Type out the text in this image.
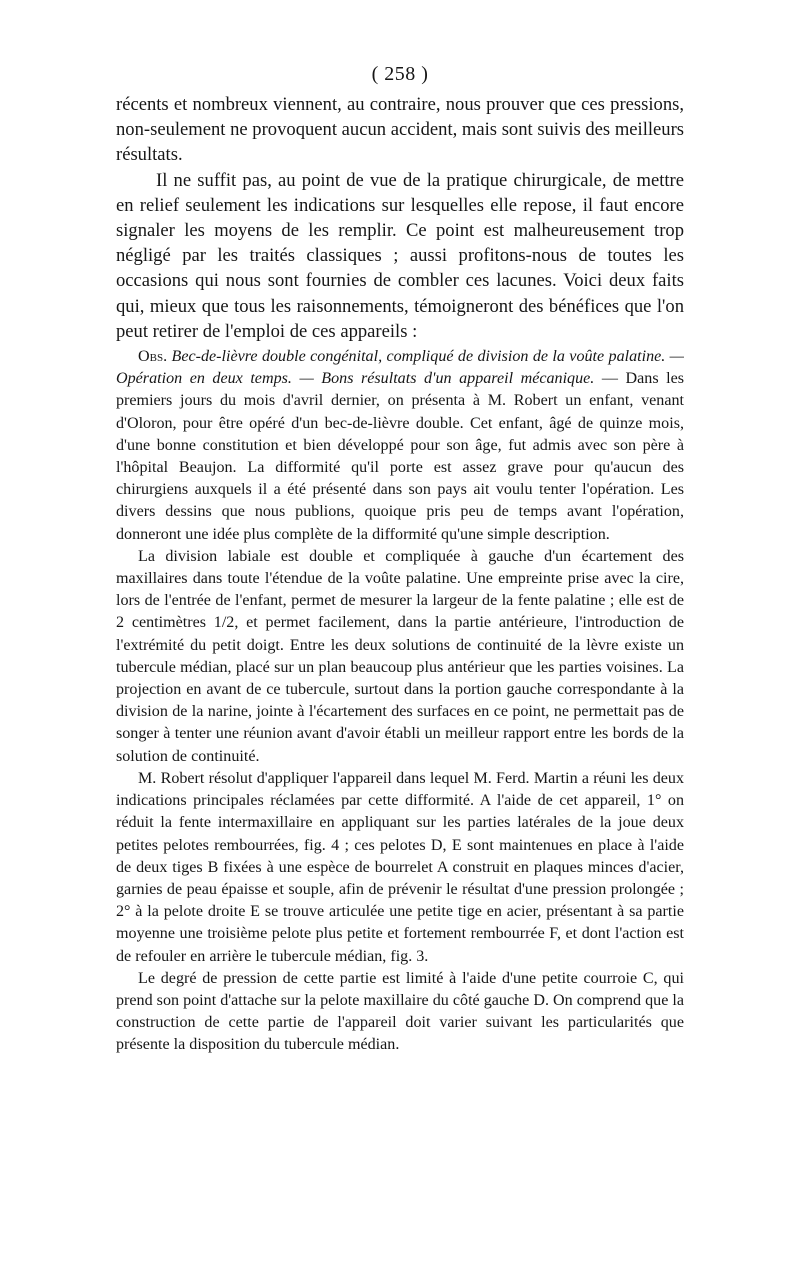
( 258 )

récents et nombreux viennent, au contraire, nous prouver que ces pressions, non-seulement ne provoquent aucun accident, mais sont suivis des meilleurs résultats.

Il ne suffit pas, au point de vue de la pratique chirurgicale, de mettre en relief seulement les indications sur lesquelles elle repose, il faut encore signaler les moyens de les remplir. Ce point est malheureusement trop négligé par les traités classiques ; aussi profitons-nous de toutes les occasions qui nous sont fournies de combler ces lacunes. Voici deux faits qui, mieux que tous les raisonnements, témoigneront des bénéfices que l'on peut retirer de l'emploi de ces appareils :

Obs. Bec-de-lièvre double congénital, compliqué de division de la voûte palatine. — Opération en deux temps. — Bons résultats d'un appareil mécanique. — Dans les premiers jours du mois d'avril dernier, on présenta à M. Robert un enfant, venant d'Oloron, pour être opéré d'un bec-de-lièvre double. Cet enfant, âgé de quinze mois, d'une bonne constitution et bien développé pour son âge, fut admis avec son père à l'hôpital Beaujon. La difformité qu'il porte est assez grave pour qu'aucun des chirurgiens auxquels il a été présenté dans son pays ait voulu tenter l'opération. Les divers dessins que nous publions, quoique pris peu de temps avant l'opération, donneront une idée plus complète de la difformité qu'une simple description.

La division labiale est double et compliquée à gauche d'un écartement des maxillaires dans toute l'étendue de la voûte palatine. Une empreinte prise avec la cire, lors de l'entrée de l'enfant, permet de mesurer la largeur de la fente palatine ; elle est de 2 centimètres 1/2, et permet facilement, dans la partie antérieure, l'introduction de l'extrémité du petit doigt. Entre les deux solutions de continuité de la lèvre existe un tubercule médian, placé sur un plan beaucoup plus antérieur que les parties voisines. La projection en avant de ce tubercule, surtout dans la portion gauche correspondante à la division de la narine, jointe à l'écartement des surfaces en ce point, ne permettait pas de songer à tenter une réunion avant d'avoir établi un meilleur rapport entre les bords de la solution de continuité.

M. Robert résolut d'appliquer l'appareil dans lequel M. Ferd. Martin a réuni les deux indications principales réclamées par cette difformité. A l'aide de cet appareil, 1° on réduit la fente intermaxillaire en appliquant sur les parties latérales de la joue deux petites pelotes rembourrées, fig. 4 ; ces pelotes D, E sont maintenues en place à l'aide de deux tiges B fixées à une espèce de bourrelet A construit en plaques minces d'acier, garnies de peau épaisse et souple, afin de prévenir le résultat d'une pression prolongée ; 2° à la pelote droite E se trouve articulée une petite tige en acier, présentant à sa partie moyenne une troisième pelote plus petite et fortement rembourrée F, et dont l'action est de refouler en arrière le tubercule médian, fig. 3.

Le degré de pression de cette partie est limité à l'aide d'une petite courroie C, qui prend son point d'attache sur la pelote maxillaire du côté gauche D. On comprend que la construction de cette partie de l'appareil doit varier suivant les particularités que présente la disposition du tubercule médian.
